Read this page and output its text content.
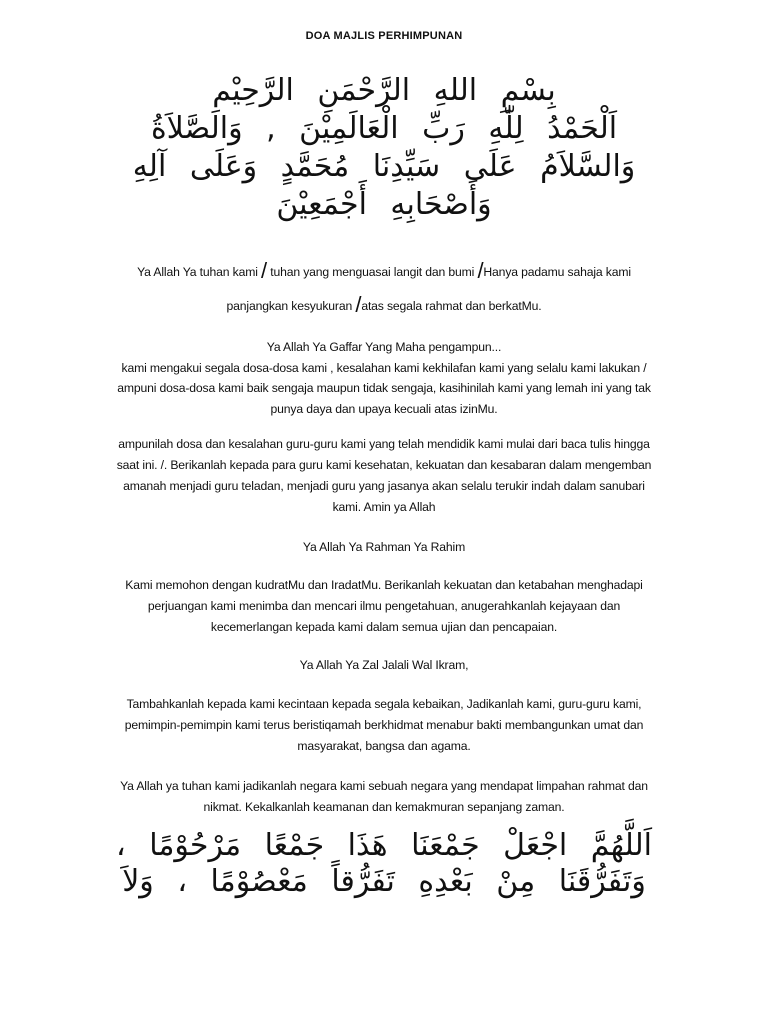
DOA MAJLIS PERHIMPUNAN
بِسْمِ اللهِ الرَّحْمَنِ الرَّحِيْمِ
اَلْحَمْدُ لِلّٰهِ رَبِّ الْعَالَمِيْنَ , وَالصَّلاَةُ
وَالسَّلاَمُ عَلَى سَيِّدِنَا مُحَمَّدٍ وَعَلَى آلِهِ
وَأَصْحَابِهِ أَجْمَعِيْنَ
Ya Allah Ya tuhan kami / tuhan yang menguasai langit dan bumi /Hanya padamu sahaja kami
panjangkan kesyukuran /atas segala rahmat dan berkatMu.
Ya Allah Ya Gaffar Yang Maha pengampun...
kami mengakui segala dosa-dosa kami , kesalahan kami kekhilafan kami yang selalu kami lakukan /
ampuni dosa-dosa kami baik sengaja maupun tidak sengaja, kasihinilah kami yang lemah ini yang tak
punya daya dan upaya kecuali atas izinMu.
ampunilah dosa dan kesalahan guru-guru kami yang telah mendidik kami mulai dari baca tulis hingga
saat ini. /. Berikanlah kepada para guru kami kesehatan, kekuatan dan kesabaran dalam mengemban
amanah menjadi guru teladan, menjadi guru yang jasanya akan selalu terukir indah dalam sanubari
kami. Amin ya Allah
Ya Allah Ya Rahman Ya Rahim
Kami memohon dengan kudratMu dan IradatMu. Berikanlah kekuatan dan ketabahan menghadapi
perjuangan kami menimba dan mencari ilmu pengetahuan, anugerahkanlah kejayaan dan
kecemerlangan kepada kami dalam semua ujian dan pencapaian.
Ya Allah Ya Zal Jalali Wal Ikram,
Tambahkanlah kepada kami kecintaan kepada segala kebaikan, Jadikanlah kami, guru-guru kami,
pemimpin-pemimpin kami terus beristiqamah berkhidmat menabur bakti membangunkan umat dan
masyarakat, bangsa dan agama.
Ya Allah ya tuhan kami jadikanlah negara kami sebuah negara yang mendapat limpahan rahmat dan
nikmat. Kekalkanlah keamanan dan kemakmuran sepanjang zaman.
اَللَّهُمَّ اجْعَلْ جَمْعَنَا هَذَا جَمْعًا مَرْحُوْمًا ،
وَتَفَرُّقَنَا مِنْ بَعْدِهِ تَفَرُّقاً مَعْصُوْمًا ، وَلاَ
